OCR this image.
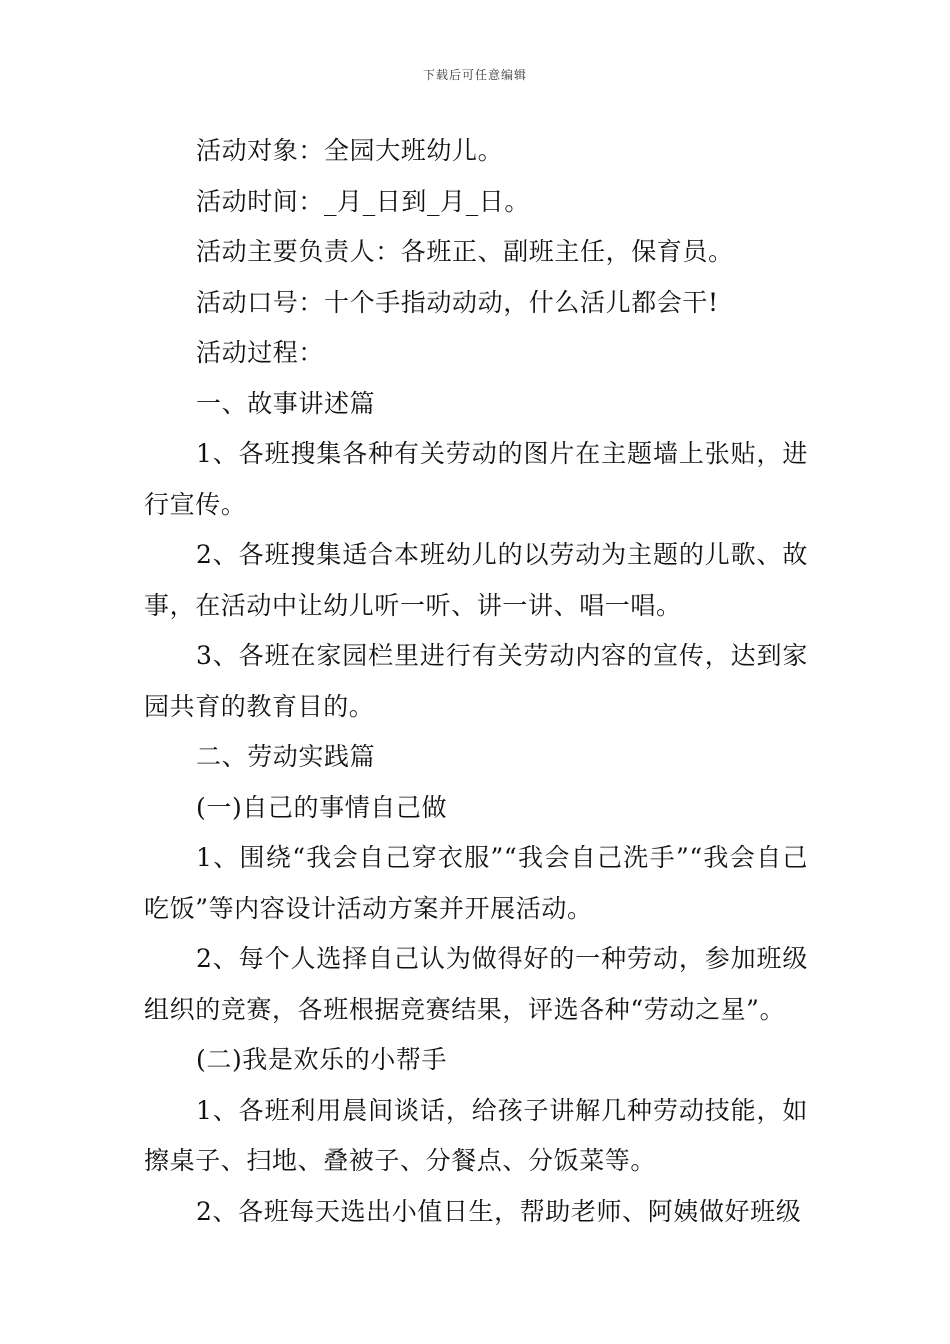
下载后可任意编辑

活动对象：全园大班幼儿。

活动时间：_月_日到_月_日。

活动主要负责人：各班正、副班主任，保育员。

活动口号：十个手指动动动，什么活儿都会干!

活动过程：

一、故事讲述篇

1、各班搜集各种有关劳动的图片在主题墙上张贴，进行宣传。

2、各班搜集适合本班幼儿的以劳动为主题的儿歌、故事，在活动中让幼儿听一听、讲一讲、唱一唱。

3、各班在家园栏里进行有关劳动内容的宣传，达到家园共育的教育目的。

二、劳动实践篇

(一)自己的事情自己做

1、围绕“我会自己穿衣服”“我会自己洗手”“我会自己吃饭”等内容设计活动方案并开展活动。

2、每个人选择自己认为做得好的一种劳动，参加班级组织的竞赛，各班根据竞赛结果，评选各种“劳动之星”。

(二)我是欢乐的小帮手

1、各班利用晨间谈话，给孩子讲解几种劳动技能，如擦桌子、扫地、叠被子、分餐点、分饭菜等。

2、各班每天选出小值日生，帮助老师、阿姨做好班级
